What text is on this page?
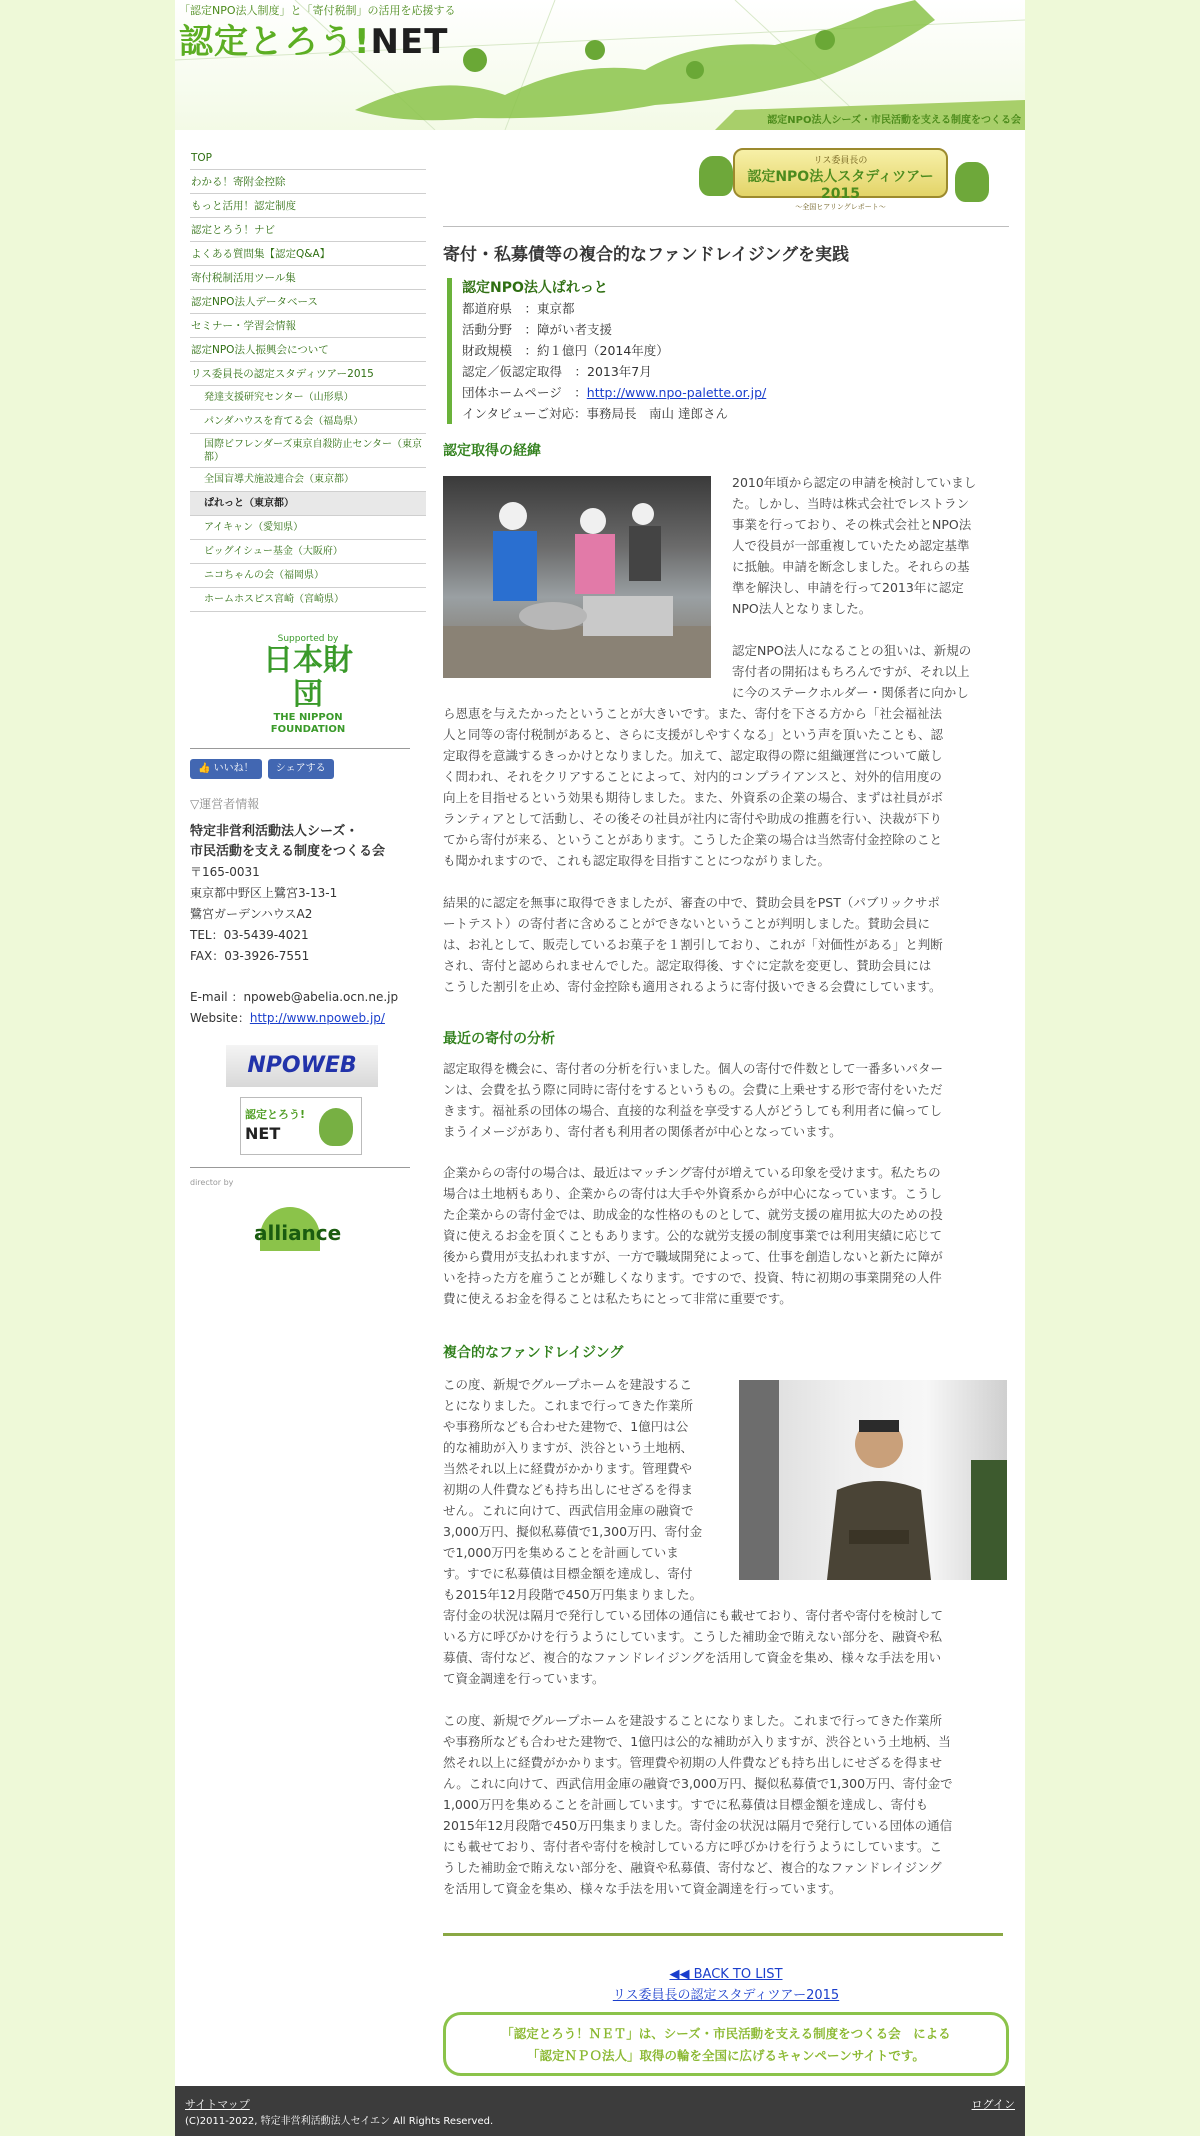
「認定NPO法人制度」と「寄付税制」の活用を応援する
認定とろう!NET
認定NPO法人シーズ・市民活動を支える制度をつくる会
TOP
わかる！寄附金控除
もっと活用！認定制度
認定とろう！ナビ
よくある質問集【認定Q&A】
寄付税制活用ツール集
認定NPO法人データベース
セミナー・学習会情報
認定NPO法人振興会について
リス委員長の認定スタディツアー2015
発達支援研究センター（山形県）
パンダハウスを育てる会（福島県）
国際ビフレンダーズ東京自殺防止センター（東京都）
全国盲導犬施設連合会（東京都）
ぱれっと（東京都）
アイキャン（愛知県）
ビッグイシュー基金（大阪府）
ニコちゃんの会（福岡県）
ホームホスピス宮崎（宮崎県）
Supported by
日本財団
THE NIPPON
FOUNDATION
👍 いいね！ シェアする
▽運営者情報
特定非営利活動法人シーズ・
市民活動を支える制度をつくる会
〒165-0031
東京都中野区上鷺宮3-13-1
鷺宮ガーデンハウスA2
TEL：03-5439-4021
FAX：03-3926-7551
E-mail ：npoweb@abelia.ocn.ne.jp
Website：http://www.npoweb.jp/
NPOWEB
認定とろう!
NET
director by
alliance
リス委員長の
認定NPO法人スタディツアー 2015
〜全国ヒアリングレポート〜
寄付・私募債等の複合的なファンドレイジングを実践
認定NPO法人ぱれっと
都道府県　：東京都
活動分野　：障がい者支援
財政規模　：約１億円（2014年度）
認定／仮認定取得　：2013年7月
団体ホームページ　：http://www.npo-palette.or.jp/
インタビューご対応：事務局長　南山 達郎さん
認定取得の経緯
2010年頃から認定の申請を検討していまし
た。しかし、当時は株式会社でレストラン
事業を行っており、その株式会社とNPO法
人で役員が一部重複していたため認定基準
に抵触。申請を断念しました。それらの基
準を解決し、申請を行って2013年に認定
NPO法人となりました。
認定NPO法人になることの狙いは、新規の
寄付者の開拓はもちろんですが、それ以上
に今のステークホルダー・関係者に向かし
ら恩恵を与えたかったということが大きいです。また、寄付を下さる方から「社会福祉法
人と同等の寄付税制があると、さらに支援がしやすくなる」という声を頂いたことも、認
定取得を意識するきっかけとなりました。加えて、認定取得の際に組織運営について厳し
く問われ、それをクリアすることによって、対内的コンプライアンスと、対外的信用度の
向上を目指せるという効果も期待しました。また、外資系の企業の場合、まずは社員がボ
ランティアとして活動し、その後その社員が社内に寄付や助成の推薦を行い、決裁が下り
てから寄付が来る、ということがあります。こうした企業の場合は当然寄付金控除のこと
も聞かれますので、これも認定取得を目指すことにつながりました。
結果的に認定を無事に取得できましたが、審査の中で、賛助会員をPST（パブリックサポ
ートテスト）の寄付者に含めることができないということが判明しました。賛助会員に
は、お礼として、販売しているお菓子を１割引しており、これが「対価性がある」と判断
され、寄付と認められませんでした。認定取得後、すぐに定款を変更し、賛助会員には
こうした割引を止め、寄付金控除も適用されるように寄付扱いできる会費にしています。
最近の寄付の分析
認定取得を機会に、寄付者の分析を行いました。個人の寄付で件数として一番多いパター
ンは、会費を払う際に同時に寄付をするというもの。会費に上乗せする形で寄付をいただ
きます。福祉系の団体の場合、直接的な利益を享受する人がどうしても利用者に偏ってし
まうイメージがあり、寄付者も利用者の関係者が中心となっています。
企業からの寄付の場合は、最近はマッチング寄付が増えている印象を受けます。私たちの
場合は土地柄もあり、企業からの寄付は大手や外資系からが中心になっています。こうし
た企業からの寄付金では、助成金的な性格のものとして、就労支援の雇用拡大のための投
資に使えるお金を頂くこともあります。公的な就労支援の制度事業では利用実績に応じて
後から費用が支払われますが、一方で職域開発によって、仕事を創造しないと新たに障が
いを持った方を雇うことが難しくなります。ですので、投資、特に初期の事業開発の人件
費に使えるお金を得ることは私たちにとって非常に重要です。
複合的なファンドレイジング
この度、新規でグループホームを建設するこ
とになりました。これまで行ってきた作業所
や事務所なども合わせた建物で、1億円は公
的な補助が入りますが、渋谷という土地柄、
当然それ以上に経費がかかります。管理費や
初期の人件費なども持ち出しにせざるを得ま
せん。これに向けて、西武信用金庫の融資で
3,000万円、擬似私募債で1,300万円、寄付金
で1,000万円を集めることを計画していま
す。すでに私募債は目標金額を達成し、寄付
も2015年12月段階で450万円集まりました。
寄付金の状況は隔月で発行している団体の通信にも載せており、寄付者や寄付を検討して
いる方に呼びかけを行うようにしています。こうした補助金で賄えない部分を、融資や私
募債、寄付など、複合的なファンドレイジングを活用して資金を集め、様々な手法を用い
て資金調達を行っています。
この度、新規でグループホームを建設することになりました。これまで行ってきた作業所
や事務所なども合わせた建物で、1億円は公的な補助が入りますが、渋谷という土地柄、当
然それ以上に経費がかかります。管理費や初期の人件費なども持ち出しにせざるを得ませ
ん。これに向けて、西武信用金庫の融資で3,000万円、擬似私募債で1,300万円、寄付金で
1,000万円を集めることを計画しています。すでに私募債は目標金額を達成し、寄付も
2015年12月段階で450万円集まりました。寄付金の状況は隔月で発行している団体の通信
にも載せており、寄付者や寄付を検討している方に呼びかけを行うようにしています。こ
うした補助金で賄えない部分を、融資や私募債、寄付など、複合的なファンドレイジング
を活用して資金を集め、様々な手法を用いて資金調達を行っています。
◀◀ BACK TO LIST
リス委員長の認定スタディツアー2015
「認定とろう！ＮＥＴ」は、シーズ・市民活動を支える制度をつくる会　による
「認定ＮＰＯ法人」取得の輪を全国に広げるキャンペーンサイトです。
サイトマップ
(C)2011-2022, 特定非営利活動法人セイエン All Rights Reserved.
ログイン
